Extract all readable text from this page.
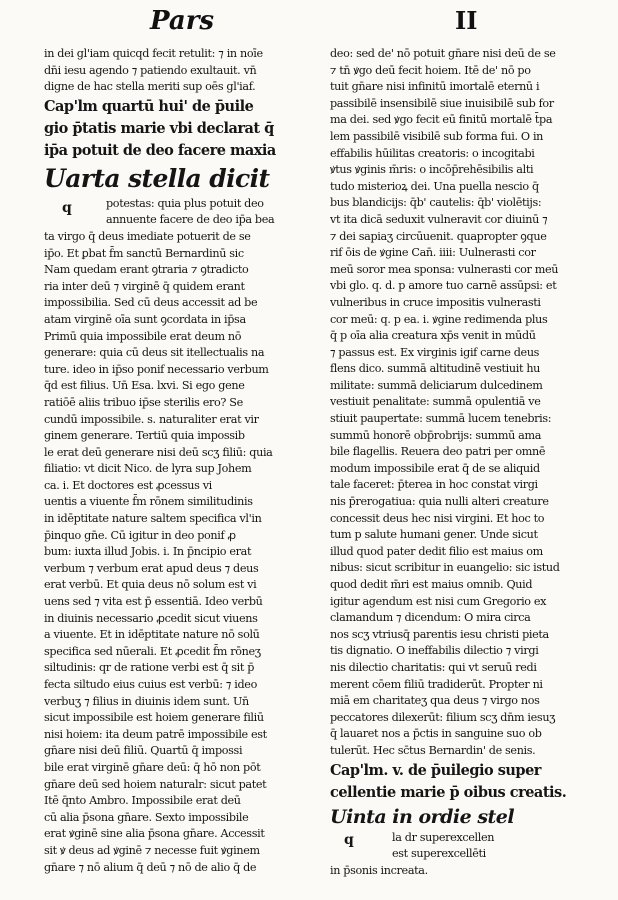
Pars	II
in dei gl'iam quicqd fecit retulit: ⁊ in noīe
dn̄i iesu agendo ⁊ patiendo exultauit. vn̄
digne de hac stella meriti sup oēs gl'iaf.
Cap'lm quartū hui' de p̄uile
gio p̄tatis marie vbi declarat q̄
ip̄a potuit de deo facere maxia
Uarta stella dicit
q	potestas: quia plus potuit deo
annuente facere de deo ip̄a bea
ta virgo q̄ deus imediate potuerit de se
ip̄o. Et ꝑbat f̄m sanctū Bernardinū sic
Nam quedam erant ꝯtraria ⁊ ꝯtradicto
ria inter deū ⁊ virginē q̄ quidem erant
impossibilia. Sed cū deus accessit ad be
atam virginē oīa sunt ꝯcordata in ip̄sa
Primū quia impossibile erat deum nō
generare: quia cū deus sit itellectualis na
ture. ideo in ip̄so ponif necessario verbum
q̄d est filius. Un̄ Esa. lxvi. Si ego gene
ratiōē aliis tribuo ip̄se sterilis ero? Se
cundū impossibile. s. naturaliter erat vir
ginem generare. Tertiū quia impossib
le erat deū generare nisi deū scʒ filiū: quia
filiatio: vt dicit Nico. de lyra sup Johem
ca. i. Et doctores est ꝓcessus vi
uentis a viuente f̄m rōnem similitudinis
in idēptitate nature saltem specifica vl'in
p̄inquo gn̄e. Cū igitur in deo ponif ꝓ
bum: iuxta illud Jobis. i. In p̄ncipio erat
verbum ⁊ verbum erat apud deus ⁊ deus
erat verbū. Et quia deus nō solum est vi
uens sed ⁊ vita est p̄ essentiā. Ideo verbū
in diuinis necessario ꝓcedit sicut viuens
a viuente. Et in idēptitate nature nō solū
specifica sed nūerali. Et ꝓcedit f̄m rōneʒ
siltudinis: qr de ratione verbi est q̄ sit p̄
fecta siltudo eius cuius est verbū: ⁊ ideo
verbuʒ ⁊ filius in diuinis idem sunt. Un̄
sicut impossibile est hoiem generare filiū
nisi hoiem: ita deum patrē impossibile est
gn̄are nisi deū filiū. Quartū q̄ impossi
bile erat virginē gn̄are deū: q̄ hō non pōt
gn̄are deū sed hoiem naturalr: sicut patet
Itē q̄nto Ambro. Impossibile erat deū
cū alia p̄sona gn̄are. Sexto impossibile
erat ꝟginē sine alia p̄sona gn̄are. Accessit
sit ꝟ deus ad ꝟginē ⁊ necesse fuit ꝟginem
gn̄are ⁊ nō alium q̄ deū ⁊ nō de alio q̄ de
deo: sed de' nō potuit gn̄are nisi deū de se
⁊ tn̄ ꝟgo deū fecit hoiem. Itē de' nō po
tuit gn̄are nisi infinitū imortalē eternū i
passibilē insensibilē siue inuisibilē sub for
ma dei. sed ꝟgo fecit eū finitū mortalē t̄pa
lem passibilē visibilē sub forma fui. O in
effabilis hūilitas creatoris: o incogitabi
ꝟtus ꝟginis m̄ris: o incōp̄rehēsibilis alti
tudo misterioꝝ dei. Una puella nescio q̄
bus blandicijs: q̄b' cautelis: q̄b' violētijs:
vt ita dicā seduxit vulneravit cor diuinū ⁊
⁊ dei sapiaʒ circūuenit. quapropter ꝯque
rif ōis de ꝟgine Can̄. iiii: Uulnerasti cor
meū soror mea sponsa: vulnerasti cor meū
vbi glo. q. d. p amore tuo carnē assūpsi: et
vulneribus in cruce impositis vulnerasti
cor meū: q. p ea. i. ꝟgine redimenda plus
q̄ p oīa alia creatura xp̄s venit in mūdū
⁊ passus est. Ex virginis igif carne deus
flens dico. summā altitudinē vestiuit hu
militate: summā deliciarum dulcedinem
vestiuit penalitate: summā opulentiā ve
stiuit paupertate: summā lucem tenebris:
summū honorē obp̄robrijs: summū ama
bile flagellis. Reuera deo patri per omnē
modum impossibile erat q̄ de se aliquid
tale faceret: p̄terea in hoc constat virgi
nis p̄rerogatiua: quia nulli alteri creature
concessit deus hec nisi virgini. Et hoc to
tum p salute humani gener. Unde sicut
illud quod pater dedit filio est maius om
nibus: sicut scribitur in euangelio: sic istud
quod dedit m̄ri est maius omnib. Quid
igitur agendum est nisi cum Gregorio ex
clamandum ⁊ dicendum: O mira circa
nos scʒ vtriusq̄ parentis iesu christi pieta
tis dignatio. O ineffabilis dilectio ⁊ virgi
nis dilectio charitatis: qui vt seruū redi
merent cōem filiū tradiderūt. Propter ni
miā em charitateʒ qua deus ⁊ virgo nos
peccatores dilexerūt: filium scʒ dn̄m iesuʒ
q̄ lauaret nos a p̄ctis in sanguine suo ob
tulerūt. Hec sc̄tus Bernardin' de senis.
Cap'lm. v. de p̄uilegio super
cellentie marie p̄ oibus creatis.
Uinta in ordie stel
q	la dr superexcellen
est superexcellēti
in p̄sonis increata.
